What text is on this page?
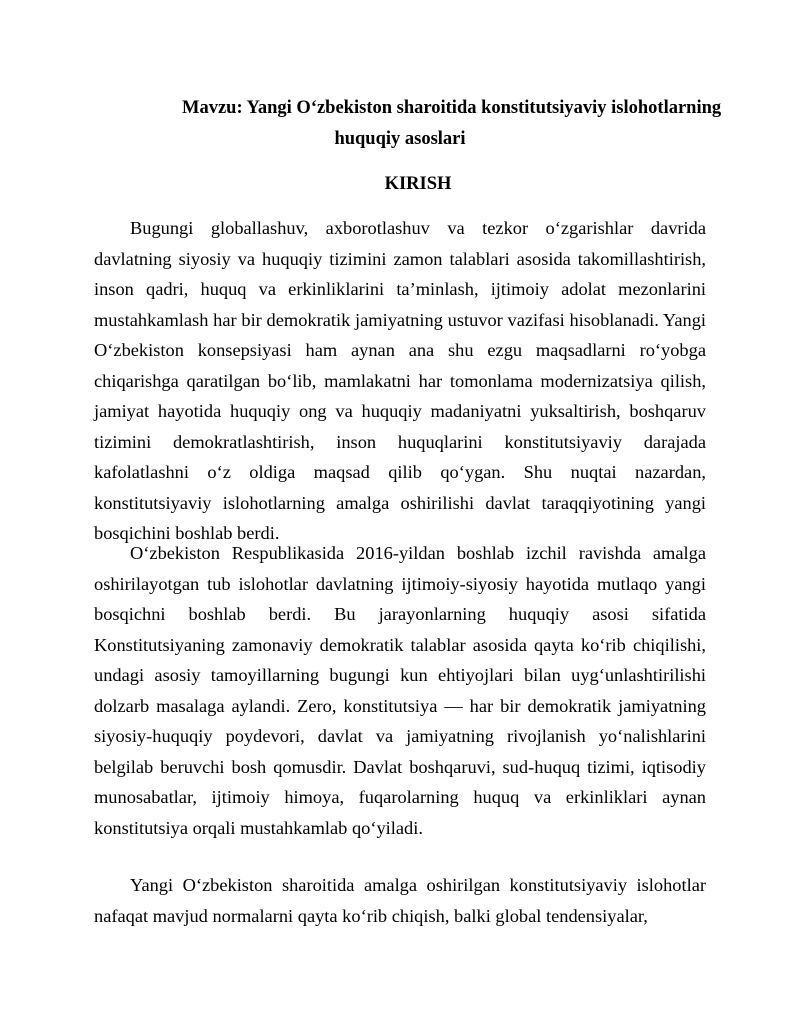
Mavzu: Yangi O‘zbekiston sharoitida konstitutsiyaviy islohotlarning
huquqiy asoslari
KIRISH

Bugungi globallashuv, axborotlashuv va tezkor o‘zgarishlar davrida davlatning siyosiy va huquqiy tizimini zamon talablari asosida takomillashtirish, inson qadri, huquq va erkinliklarini ta’minlash, ijtimoiy adolat mezonlarini mustahkamlash har bir demokratik jamiyatning ustuvor vazifasi hisoblanadi. Yangi O‘zbekiston konsepsiyasi ham aynan ana shu ezgu maqsadlarni ro‘yobga chiqarishga qaratilgan bo‘lib, mamlakatni har tomonlama modernizatsiya qilish, jamiyat hayotida huquqiy ong va huquqiy madaniyatni yuksaltirish, boshqaruv tizimini demokratlashtirish, inson huquqlarini konstitutsiyaviy darajada kafolatlashni o‘z oldiga maqsad qilib qo‘ygan. Shu nuqtai nazardan, konstitutsiyaviy islohotlarning amalga oshirilishi davlat taraqqiyotining yangi bosqichini boshlab berdi.

O‘zbekiston Respublikasida 2016-yildan boshlab izchil ravishda amalga oshirilayotgan tub islohotlar davlatning ijtimoiy-siyosiy hayotida mutlaqo yangi bosqichni boshlab berdi. Bu jarayonlarning huquqiy asosi sifatida Konstitutsiyaning zamonaviy demokratik talablar asosida qayta ko‘rib chiqilishi, undagi asosiy tamoyillarning bugungi kun ehtiyojlari bilan uyg‘unlashtirilishi dolzarb masalaga aylandi. Zero, konstitutsiya — har bir demokratik jamiyatning siyosiy-huquqiy poydevori, davlat va jamiyatning rivojlanish yo‘nalishlarini belgilab beruvchi bosh qomusdir. Davlat boshqaruvi, sud-huquq tizimi, iqtisodiy munosabatlar, ijtimoiy himoya, fuqarolarning huquq va erkinliklari aynan konstitutsiya orqali mustahkamlab qo‘yiladi.

Yangi O‘zbekiston sharoitida amalga oshirilgan konstitutsiyaviy islohotlar nafaqat mavjud normalarni qayta ko‘rib chiqish, balki global tendensiyalar,
